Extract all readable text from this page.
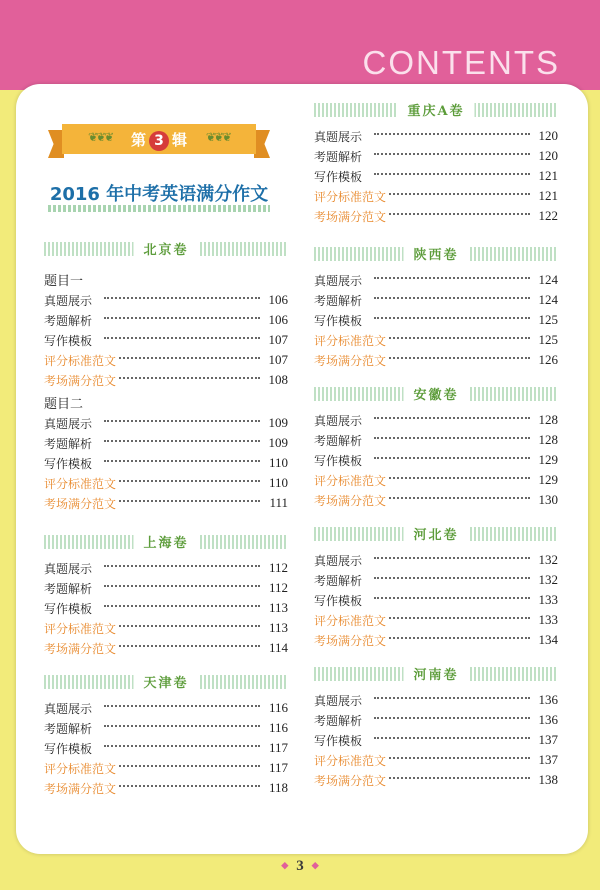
CONTENTS
❦❦❦	❦❦❦
第 3 辑
2016 年中考英语满分作文
北京卷
题目一
真题展示	106
考题解析	106
写作模板	107
评分标准范文	107
考场满分范文	108
题目二
真题展示	109
考题解析	109
写作模板	110
评分标准范文	110
考场满分范文	111
上海卷
真题展示	112
考题解析	112
写作模板	113
评分标准范文	113
考场满分范文	114
天津卷
真题展示	116
考题解析	116
写作模板	117
评分标准范文	117
考场满分范文	118
重庆A卷
真题展示	120
考题解析	120
写作模板	121
评分标准范文	121
考场满分范文	122
陕西卷
真题展示	124
考题解析	124
写作模板	125
评分标准范文	125
考场满分范文	126
安徽卷
真题展示	128
考题解析	128
写作模板	129
评分标准范文	129
考场满分范文	130
河北卷
真题展示	132
考题解析	132
写作模板	133
评分标准范文	133
考场满分范文	134
河南卷
真题展示	136
考题解析	136
写作模板	137
评分标准范文	137
考场满分范文	138
◆ 3 ◆
